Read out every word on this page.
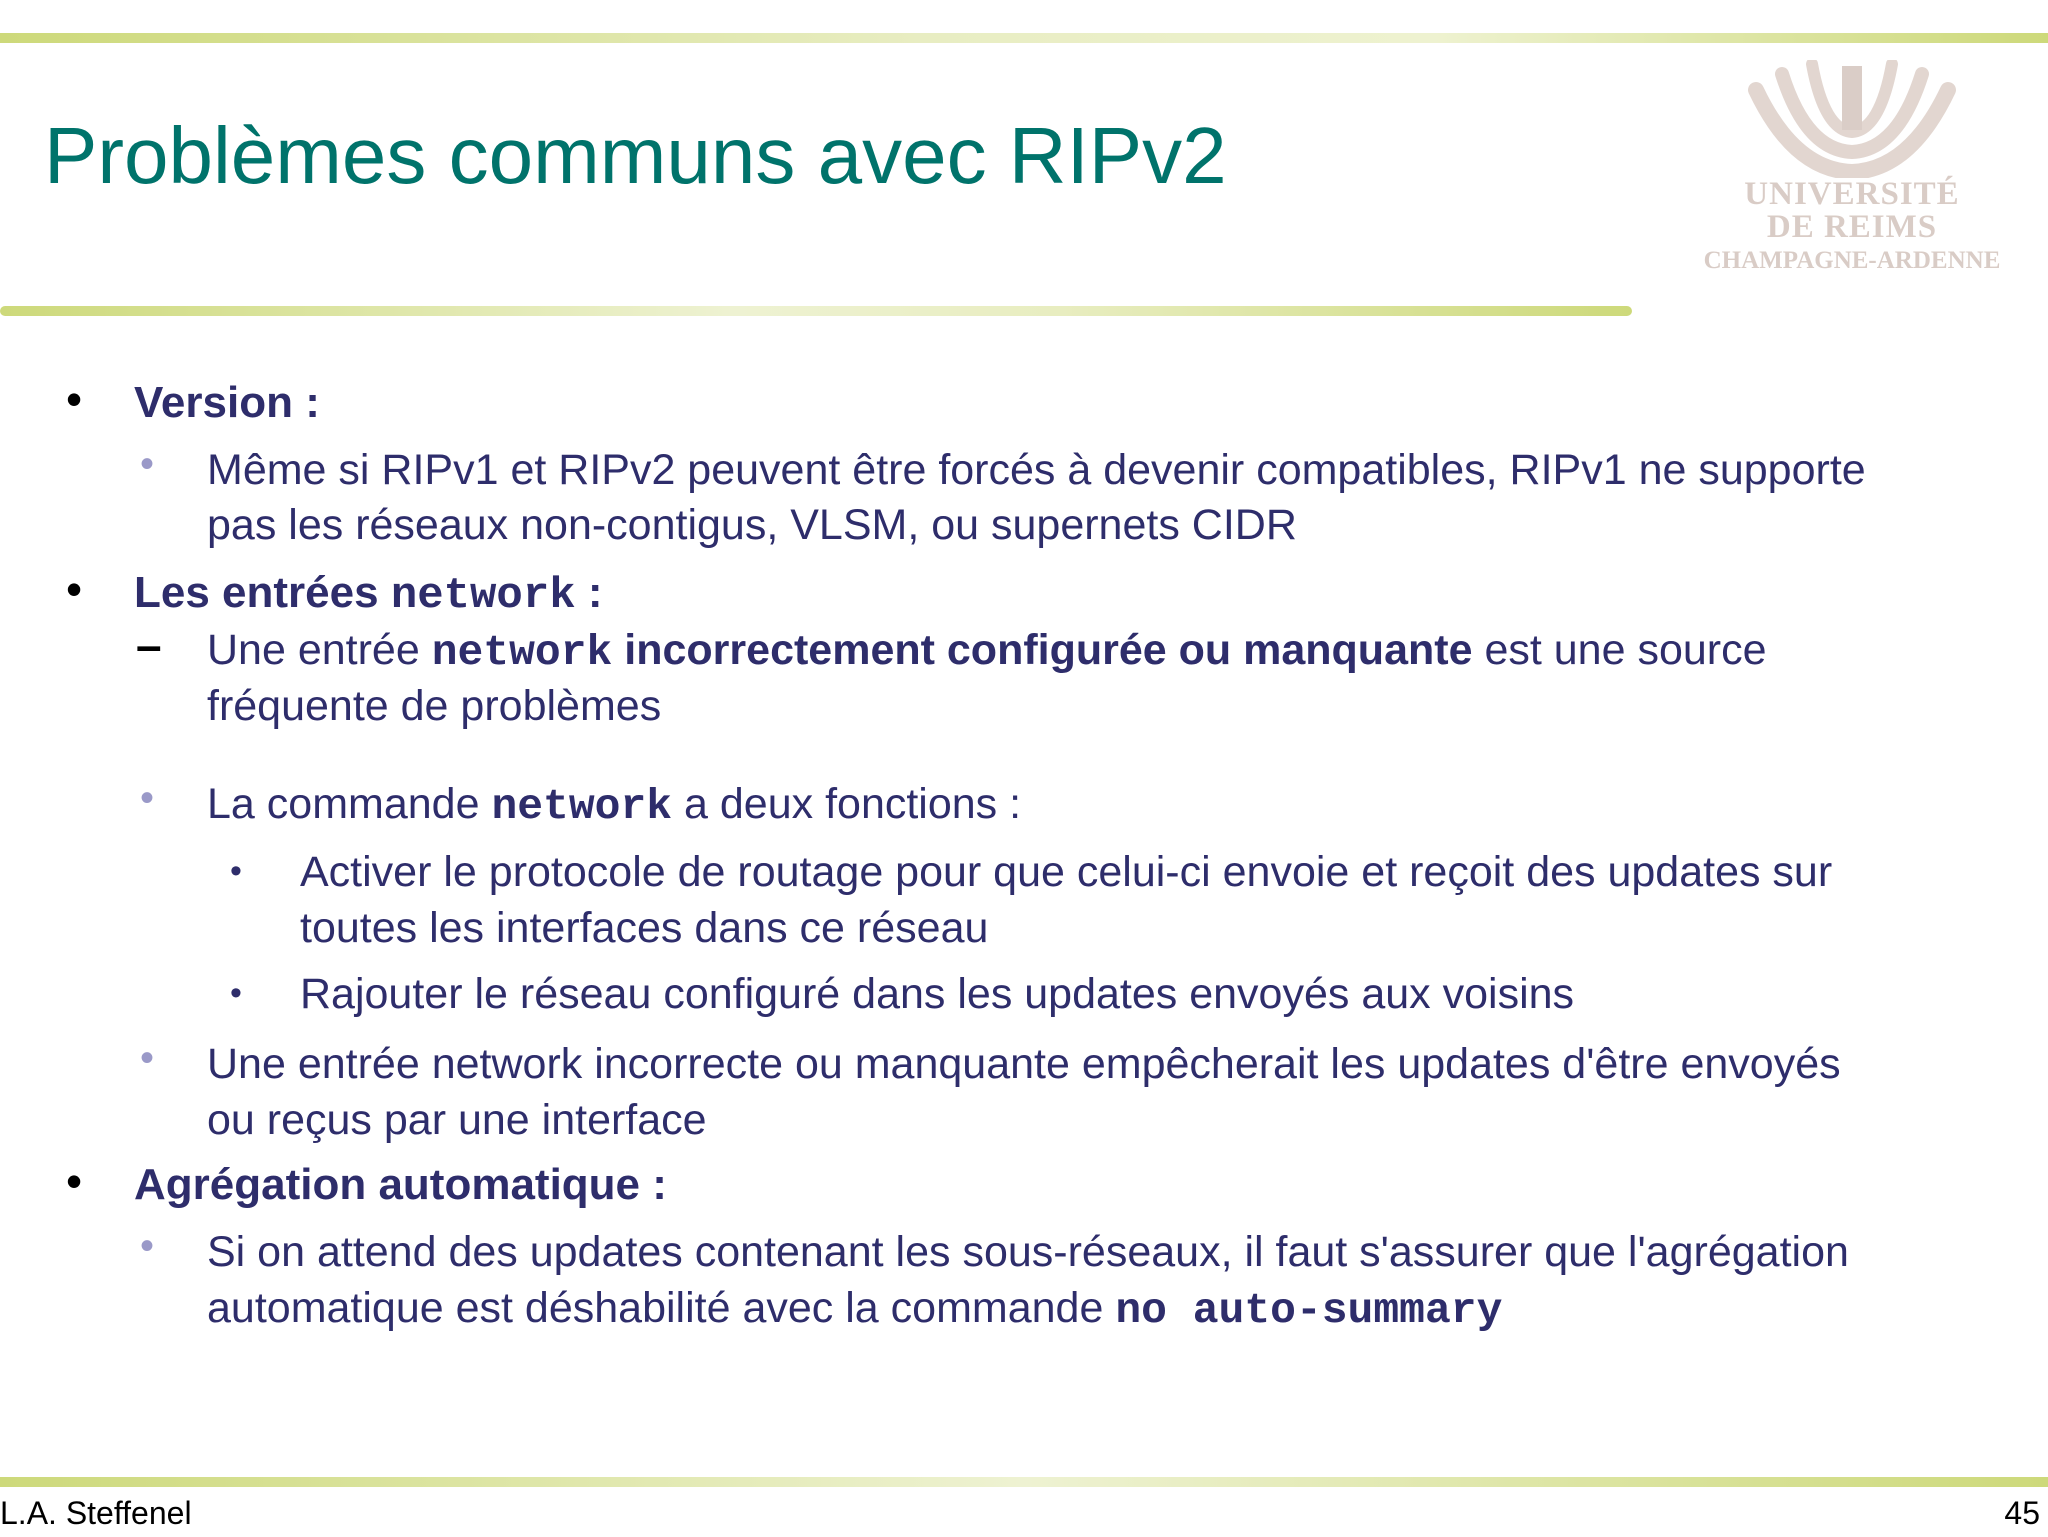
Problèmes communs avec RIPv2	UNIVERSITÉ
DE REIMS
CHAMPAGNE-ARDENNE
• Version :
• Même si RIPv1 et RIPv2 peuvent être forcés à devenir compatibles, RIPv1 ne supporte
pas les réseaux non-contigus, VLSM, ou supernets CIDR
• Les entrées network :
– Une entrée network incorrectement configurée ou manquante est une source
fréquente de problèmes
• La commande network a deux fonctions :
• Activer le protocole de routage pour que celui-ci envoie et reçoit des updates sur
toutes les interfaces dans ce réseau
• Rajouter le réseau configuré dans les updates envoyés aux voisins
• Une entrée network incorrecte ou manquante empêcherait les updates d'être envoyés
ou reçus par une interface
• Agrégation automatique :
• Si on attend des updates contenant les sous-réseaux, il faut s'assurer que l'agrégation
automatique est déshabilité avec la commande no auto-summary
L.A. Steffenel	45
